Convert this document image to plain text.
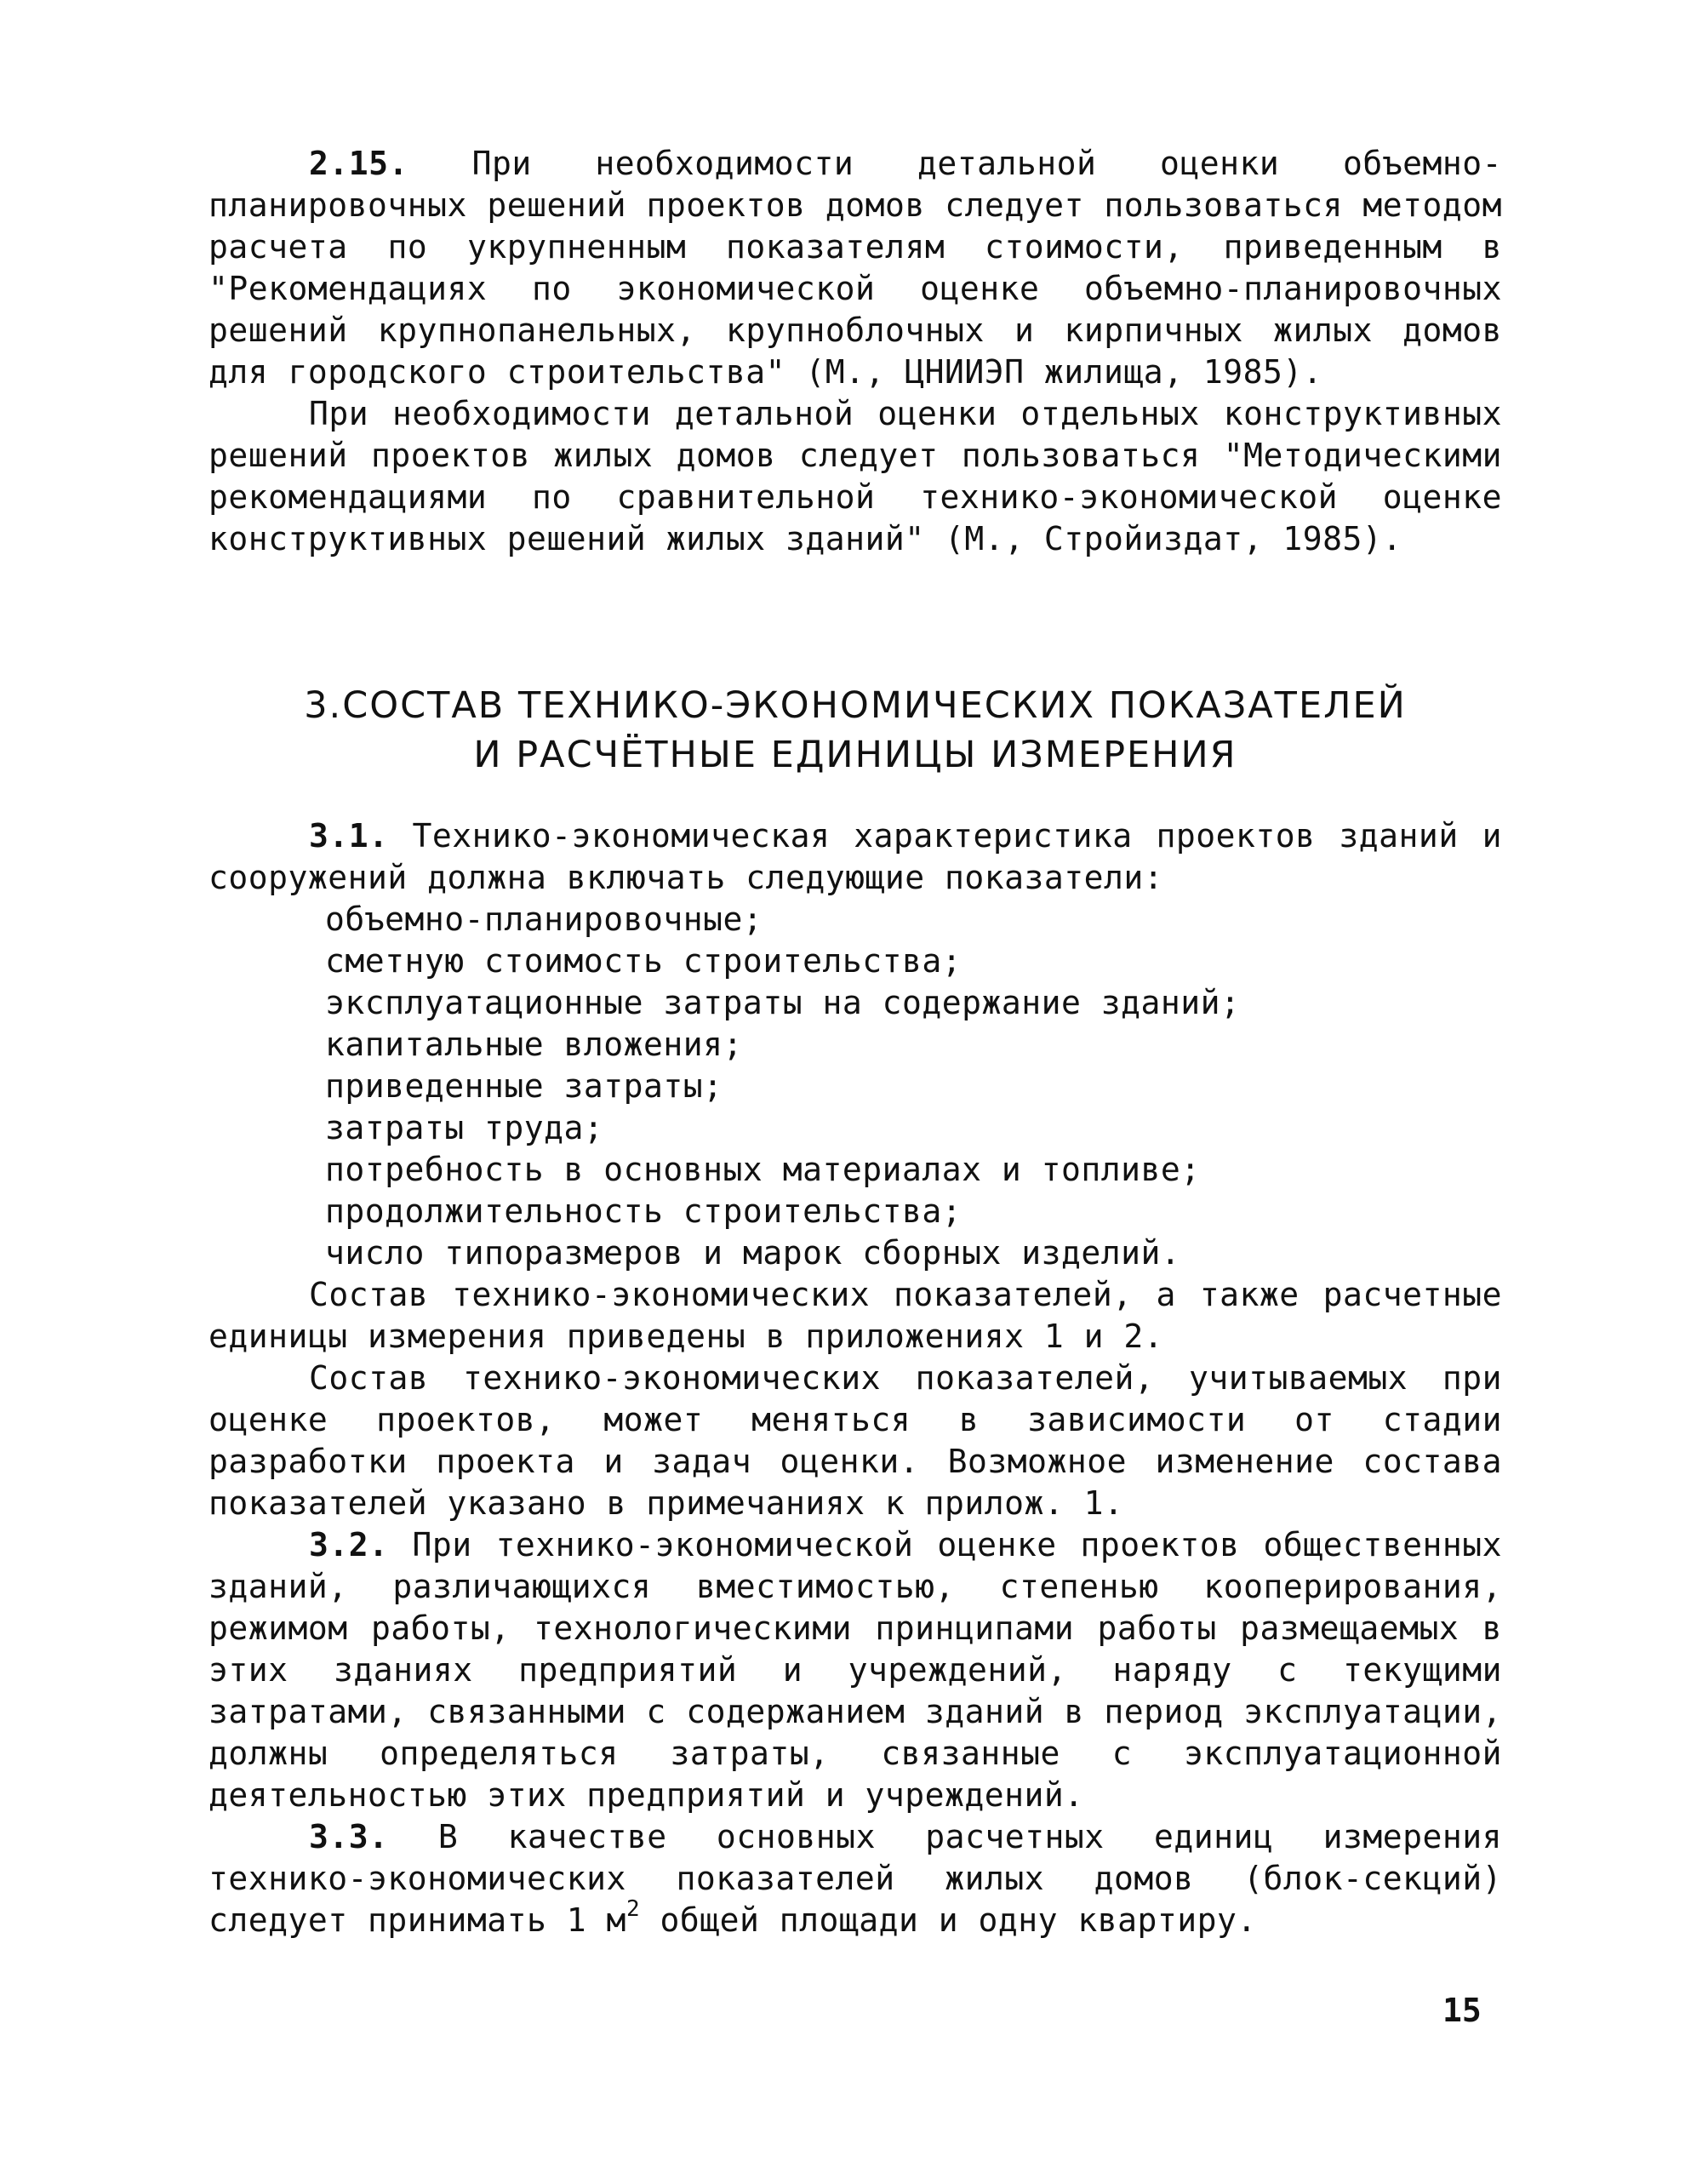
2.15. При необходимости детальной оценки объемно-планировочных решений проектов домов следует пользоваться методом расчета по укрупненным показателям стоимости, приведенным в "Рекомендациях по экономической оценке объемно-планировочных решений крупнопанельных, крупноблочных и кирпичных жилых домов для городского строительства" (М., ЦНИИЭП жилища, 1985).

При необходимости детальной оценки отдельных конструктивных решений проектов жилых домов следует пользоваться "Методическими рекомендациями по сравнительной технико-экономической оценке конструктивных решений жилых зданий" (М., Стройиздат, 1985).

3.СОСТАВ ТЕХНИКО-ЭКОНОМИЧЕСКИХ ПОКАЗАТЕЛЕЙ
И РАСЧЁТНЫЕ ЕДИНИЦЫ ИЗМЕРЕНИЯ

3.1. Технико-экономическая характеристика проектов зданий и сооружений должна включать следующие показатели:

объемно-планировочные;
сметную стоимость строительства;
эксплуатационные затраты на содержание зданий;
капитальные вложения;
приведенные затраты;
затраты труда;
потребность в основных материалах и топливе;
продолжительность строительства;
число типоразмеров и марок сборных изделий.

Состав технико-экономических показателей, а также расчетные единицы измерения приведены в приложениях 1 и 2.

Состав технико-экономических показателей, учитываемых при оценке проектов, может меняться в зависимости от стадии разработки проекта и задач оценки. Возможное изменение состава показателей указано в примечаниях к прилож. 1.

3.2. При технико-экономической оценке проектов общественных зданий, различающихся вместимостью, степенью кооперирования, режимом работы, технологическими принципами работы размещаемых в этих зданиях предприятий и учреждений, наряду с текущими затратами, связанными с содержанием зданий в период эксплуатации, должны определяться затраты, связанные с эксплуатационной деятельностью этих предприятий и учреждений.

3.3. В качестве основных расчетных единиц измерения технико-экономических показателей жилых домов (блок-секций) следует принимать 1 $м^2$ общей площади и одну квартиру.

15
